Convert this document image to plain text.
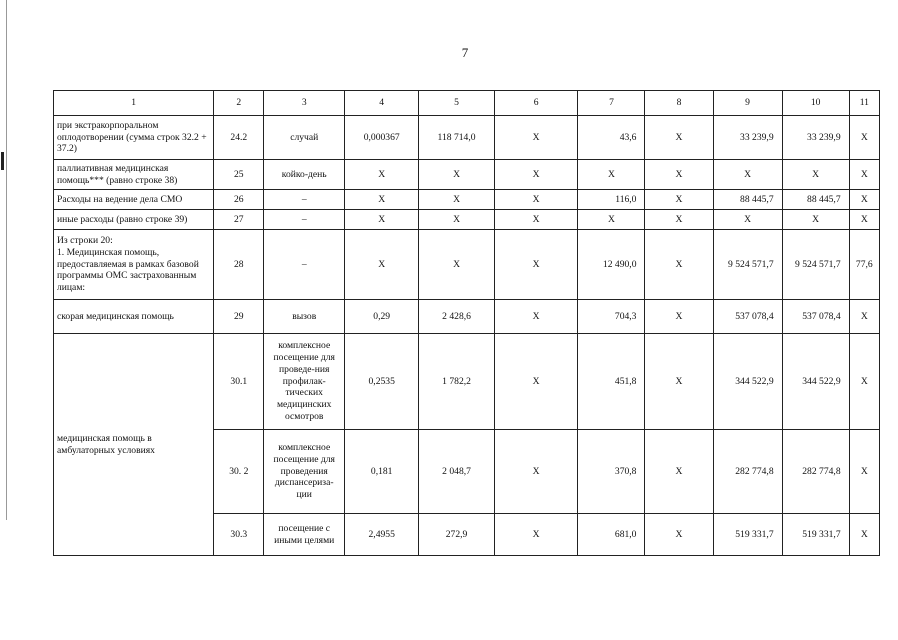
7
1	2	3	4	5	6	7	8	9	10	11
при экстракорпоральном оплодотворении (сумма строк 32.2 + 37.2)	24.2	случай	0,000367	118 714,0	Х	43,6	Х	33 239,9	33 239,9	Х
паллиативная медицинская помощь*** (равно строке 38)	25	койко-день	Х	Х	Х	Х	Х	Х	Х	Х
Расходы на ведение дела СМО	26	–	Х	Х	Х	116,0	Х	88 445,7	88 445,7	Х
иные расходы (равно строке 39)	27	–	Х	Х	Х	Х	Х	Х	Х	Х
Из строки 20:
1. Медицинская помощь, предоставляемая в рамках базовой программы ОМС застрахованным лицам:	28	–	Х	Х	Х	12 490,0	Х	9 524 571,7	9 524 571,7	77,6
скорая медицинская помощь	29	вызов	0,29	2 428,6	Х	704,3	Х	537 078,4	537 078,4	Х
медицинская помощь в амбулаторных условиях	30.1	комплексное посещение для проведе-ния профилак-тических медицинских осмотров	0,2535	1 782,2	Х	451,8	Х	344 522,9	344 522,9	Х
	30. 2	комплексное посещение для проведения диспансериза-ции	0,181	2 048,7	Х	370,8	Х	282 774,8	282 774,8	Х
	30.3	посещение с иными целями	2,4955	272,9	Х	681,0	Х	519 331,7	519 331,7	Х
